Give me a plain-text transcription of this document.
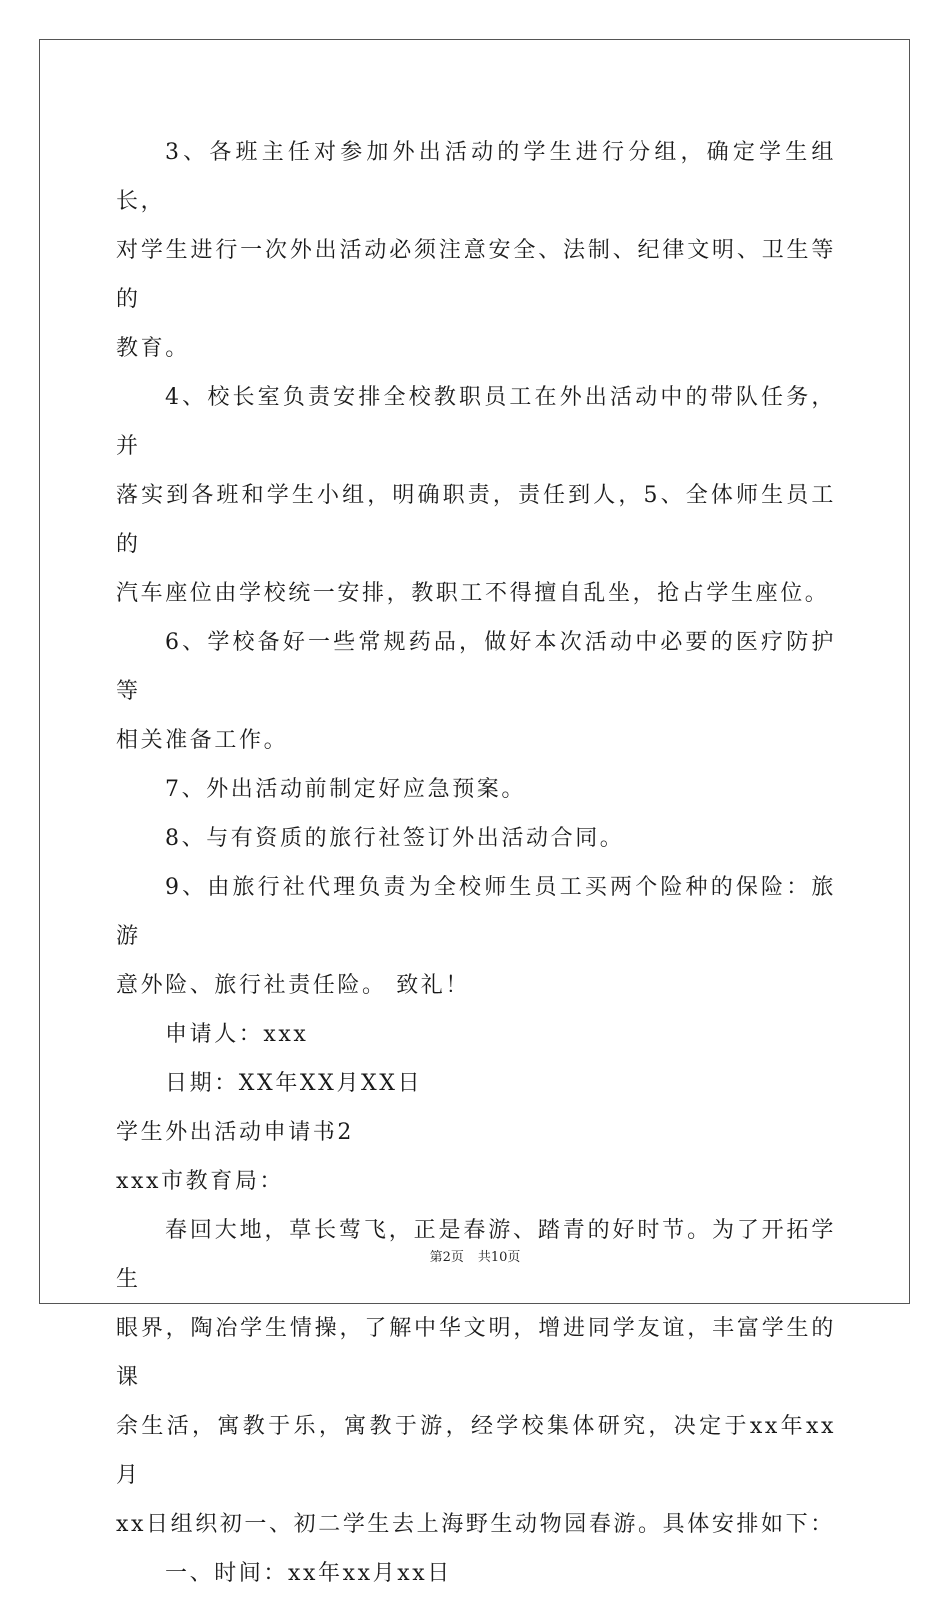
3、各班主任对参加外出活动的学生进行分组，确定学生组长，
对学生进行一次外出活动必须注意安全、法制、纪律文明、卫生等的
教育。

4、校长室负责安排全校教职员工在外出活动中的带队任务，并
落实到各班和学生小组，明确职责，责任到人，5、全体师生员工的
汽车座位由学校统一安排，教职工不得擅自乱坐，抢占学生座位。

6、学校备好一些常规药品，做好本次活动中必要的医疗防护等
相关准备工作。

7、外出活动前制定好应急预案。

8、与有资质的旅行社签订外出活动合同。

9、由旅行社代理负责为全校师生员工买两个险种的保险：旅游
意外险、旅行社责任险。 致礼！

申请人：xxx

日期：XX年XX月XX日

学生外出活动申请书2

xxx市教育局：

春回大地，草长莺飞，正是春游、踏青的好时节。为了开拓学生
眼界，陶冶学生情操，了解中华文明，增进同学友谊，丰富学生的课
余生活，寓教于乐，寓教于游，经学校集体研究，决定于xx年xx月
xx日组织初一、初二学生去上海野生动物园春游。具体安排如下：

一、时间：xx年xx月xx日

第2页 共10页
